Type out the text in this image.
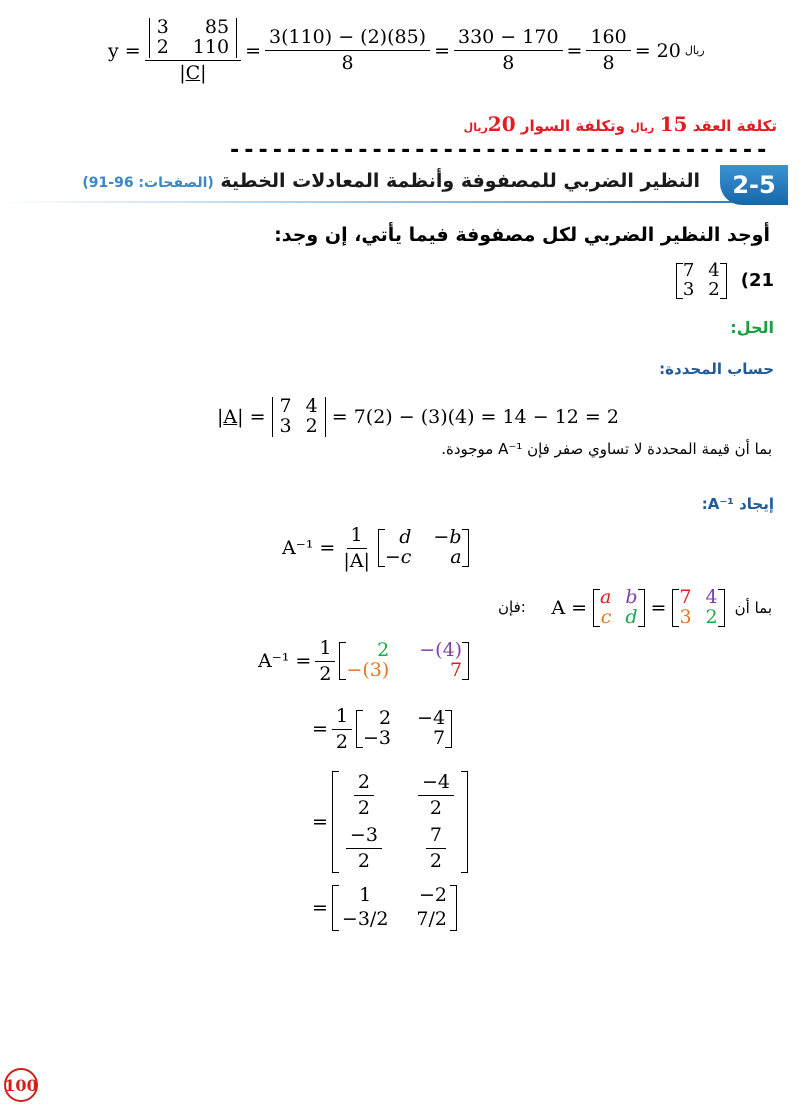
y = 3	85
2 110
$|C| = \frac{3(110) - (2)(85)}{8} = \frac{330 - 170}{8} = \frac{160}{8} = 20$ ريال
تكلفة العقد 15 ريال وتكلفة السوار 20ريال
--------------------------------------
2-5
النظير الضربي للمصفوفة وأنظمة المعادلات الخطية (الصفحات: 96-91)
أوجد النظير الضربي لكل مصفوفة فيما يأتي، إن وجد:
7 4
3 2 (21
الحل:
حساب المحددة:
|A| = 7 4
3 2 = 7(2) − (3)(4) = 14 − 12 = 2
بما أن قيمة المحددة لا تساوي صفر فإن A⁻¹ موجودة.
إيجاد A⁻¹:
$A^{-1} = \frac{1}{|A|}$	d −b
−c	a
A = a b
c d = 7 4
3 2 بما أن
فإن:
$A^{-1} = \frac{1}{2}$	2 −(4)
−(3)	7
= $\frac{1}{2}$	2 −4
−3	7
=
$\frac{2}{2} \frac{-4}{2}$
$\frac{-3}{2} \frac{7}{2}$
=
1	−2
−3/2 7/2
100
